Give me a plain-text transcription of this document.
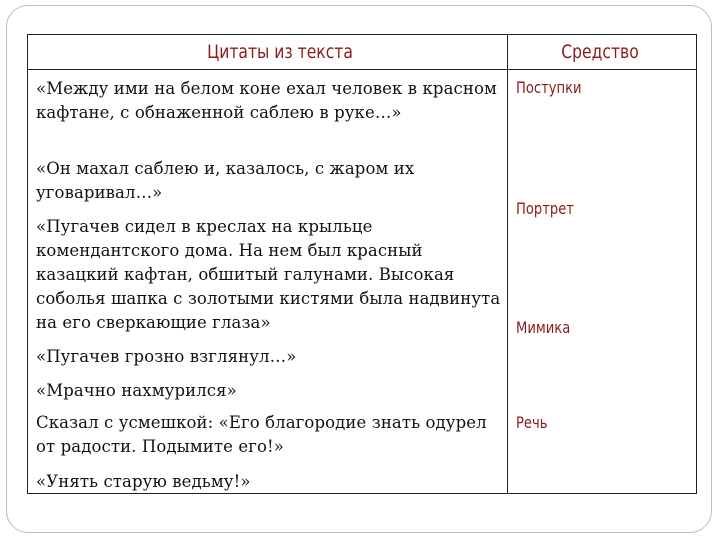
Цитаты из текста	Средство
«Между ими на белом коне ехал человек в красном кафтане, с обнаженной саблею в руке…»
«Он махал саблею и, казалось, с жаром их уговаривал…»
«Пугачев сидел в креслах на крыльце комендантского дома. На нем был красный казацкий кафтан, обшитый галунами. Высокая соболья шапка с золотыми кистями была надвинута на его сверкающие глаза»
«Пугачев грозно взглянул…»
«Мрачно нахмурился»
Сказал с усмешкой: «Его благородие знать одурел от радости. Подымите его!»
«Унять старую ведьму!»
Поступки
Портрет
Мимика
Речь
